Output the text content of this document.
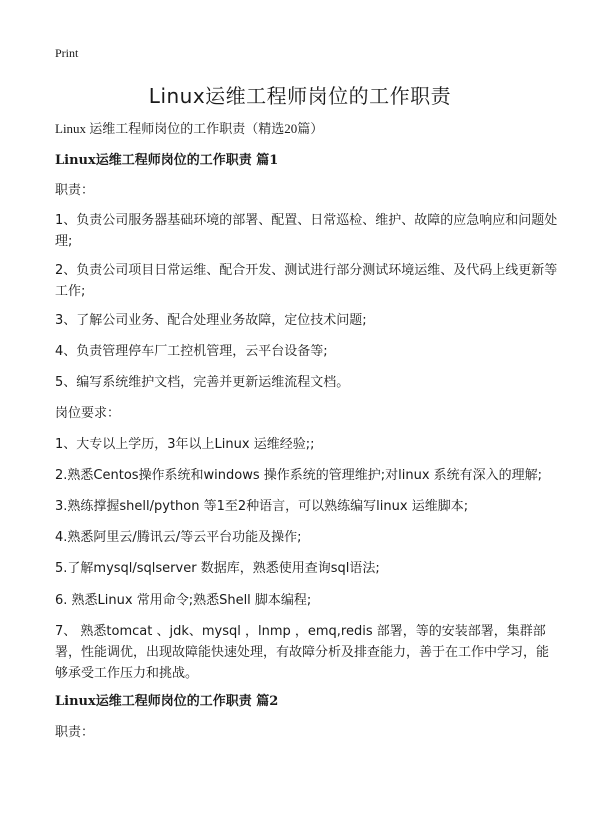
Print
Linux运维工程师岗位的工作职责
Linux 运维工程师岗位的工作职责（精选20篇）
Linux运维工程师岗位的工作职责 篇1
职责：
1、负责公司服务器基础环境的部署、配置、日常巡检、维护、故障的应急响应和问题处理;
2、负责公司项目日常运维、配合开发、测试进行部分测试环境运维、及代码上线更新等工作;
3、了解公司业务、配合处理业务故障，定位技术问题;
4、负责管理停车厂工控机管理，云平台设备等;
5、编写系统维护文档，完善并更新运维流程文档。
岗位要求：
1、大专以上学历，3年以上Linux 运维经验;;
2.熟悉Centos操作系统和windows 操作系统的管理维护;对linux 系统有深入的理解;
3.熟练撑握shell/python 等1至2种语言，可以熟练编写linux 运维脚本;
4.熟悉阿里云/腾讯云/等云平台功能及操作;
5.了解mysql/sqlserver 数据库，熟悉使用查询sql语法;
6. 熟悉Linux 常用命令;熟悉Shell 脚本编程;
7、 熟悉tomcat 、jdk、mysql ，lnmp ，emq,redis 部署，等的安装部署，集群部署，性能调优，出现故障能快速处理，有故障分析及排查能力，善于在工作中学习，能够承受工作压力和挑战。
Linux运维工程师岗位的工作职责 篇2
职责：
